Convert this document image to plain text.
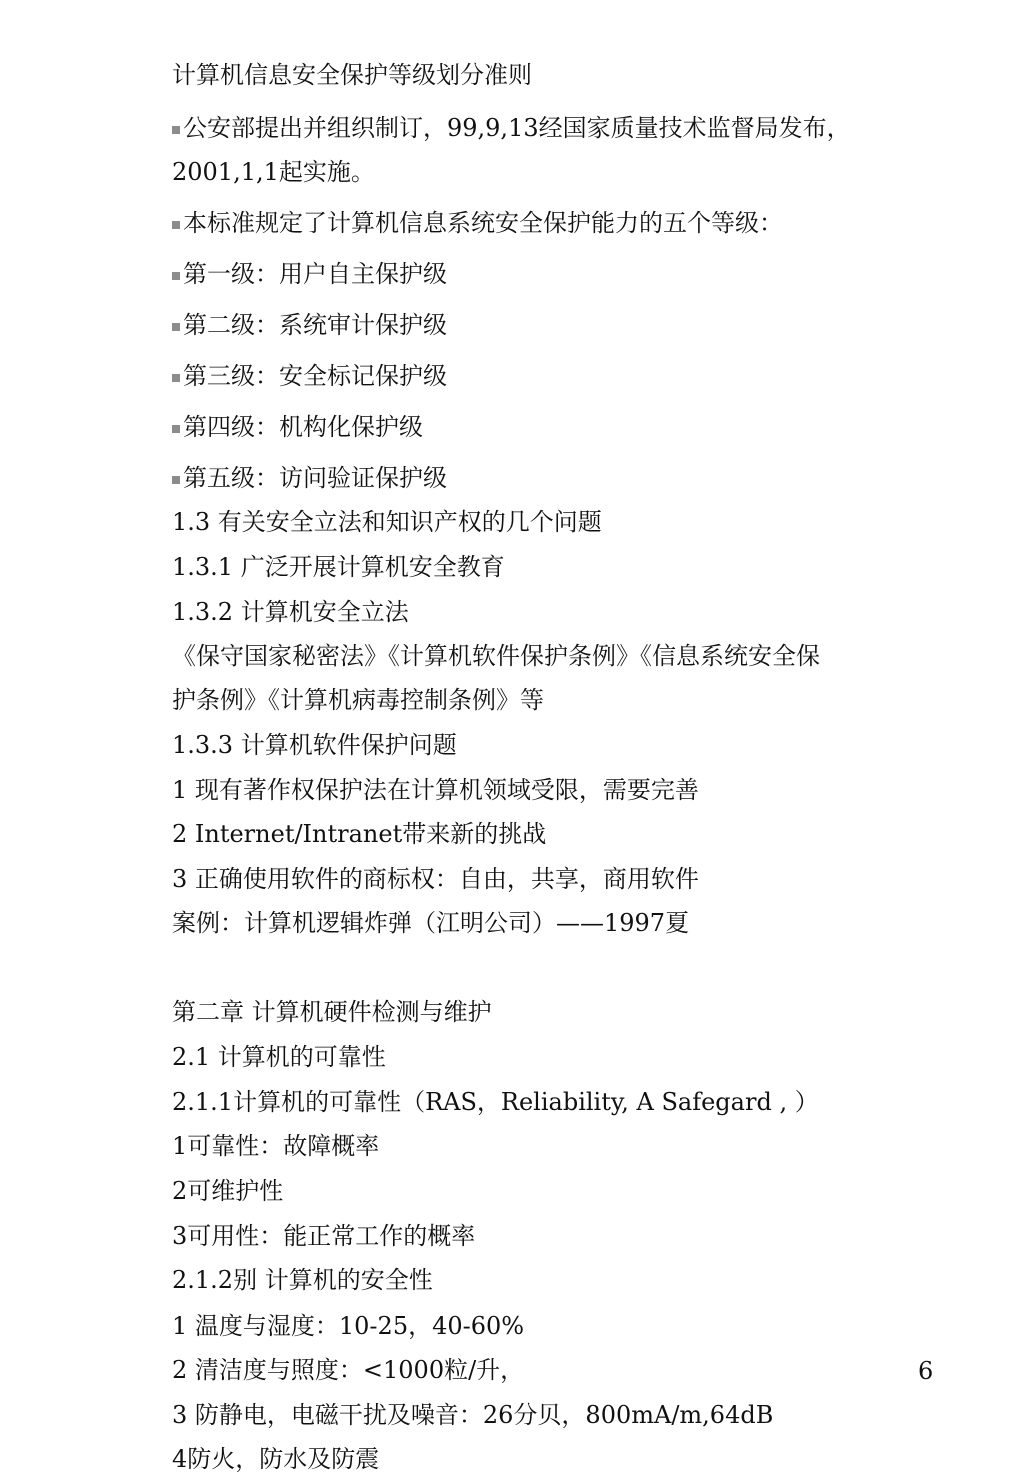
计算机信息安全保护等级划分准则
公安部提出并组织制订，99,9,13经国家质量技术监督局发布，
2001,1,1起实施。
本标准规定了计算机信息系统安全保护能力的五个等级：
第一级：用户自主保护级
第二级：系统审计保护级
第三级：安全标记保护级
第四级：机构化保护级
第五级：访问验证保护级
1.3 有关安全立法和知识产权的几个问题
1.3.1 广泛开展计算机安全教育
1.3.2 计算机安全立法
《保守国家秘密法》《计算机软件保护条例》《信息系统安全保
护条例》《计算机病毒控制条例》等
1.3.3 计算机软件保护问题
1 现有著作权保护法在计算机领域受限，需要完善
2 Internet/Intranet带来新的挑战
3 正确使用软件的商标权：自由，共享，商用软件
案例：计算机逻辑炸弹（江明公司）——1997夏
第二章 计算机硬件检测与维护
2.1 计算机的可靠性
2.1.1计算机的可靠性（RAS，Reliability, A Safegard , ）
1可靠性：故障概率
2可维护性
3可用性：能正常工作的概率
2.1.2别 计算机的安全性
1 温度与湿度：10-25，40-60%
2 清洁度与照度：<1000粒/升，
3 防静电，电磁干扰及噪音：26分贝，800mA/m,64dB
4防火，防水及防震
6
